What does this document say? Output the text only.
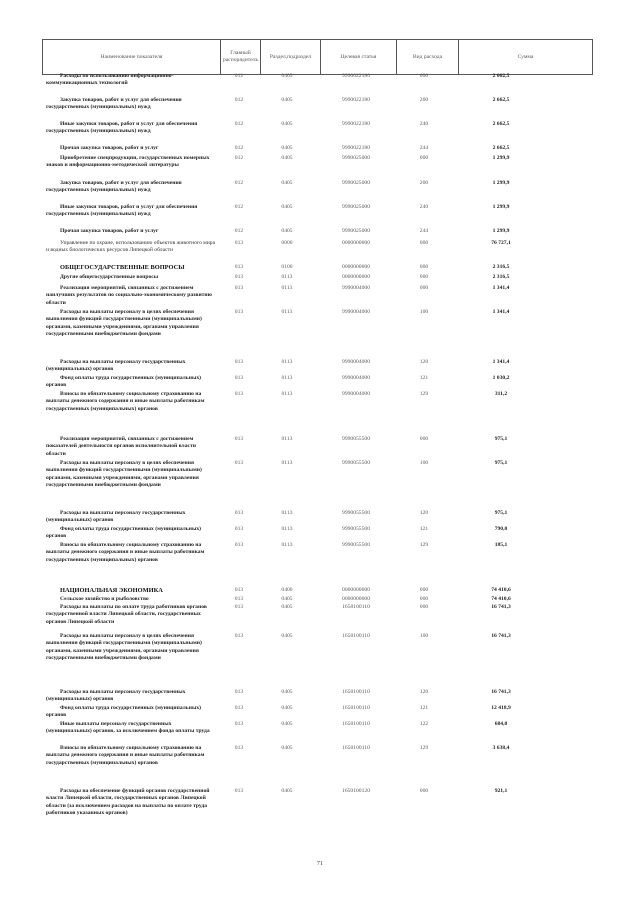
Наименование показателя	Главный распорядитель	Раздел,подраздел	Целевая статья	Вид расхода	Сумма
Расходы по использованию информационно-коммуникационных технологий
012	0405	9990022180	000	2 662,5
Закупка товаров, работ и услуг для обеспечения государственных (муниципальных) нужд
012	0405	9990022180	200	2 662,5
Иные закупки товаров, работ и услуг для обеспечения государственных (муниципальных) нужд
012	0405	9990022180	240	2 662,5
Прочая закупка товаров, работ и услуг	012	0405	9990022180	244	2 662,5
Приобретение спецпродукции, государственных номерных знаков и информационно-методической литературы
012	0405	9990025000	000	1 299,9
Закупка товаров, работ и услуг для обеспечения государственных (муниципальных) нужд
012	0405	9990025000	200	1 299,9
Иные закупки товаров, работ и услуг для обеспечения государственных (муниципальных) нужд
012	0405	9990025000	240	1 299,9
Прочая закупка товаров, работ и услуг	012	0405	9990025000	244	1 299,9
Управление по охране, использованию объектов животного мира и водных биологических ресурсов Липецкой области
013	0000	0000000000	000	76 727,1
ОБЩЕГОСУДАРСТВЕННЫЕ ВОПРОСЫ	013	0100	0000000000	000	2 316,5
Другие общегосударственные вопросы	013	0113	0000000000	000	2 316,5
Реализация мероприятий, связанных с достижением наилучших результатов по социально-экономическому развитию области
013	0113	9990004000	000	1 341,4
Расходы на выплаты персоналу в целях обеспечения выполнения функций государственными (муниципальными) органами, казенными учреждениями, органами управления государственными внебюджетными фондами
013	0113	9990004000	100	1 341,4
Расходы на выплаты персоналу государственных (муниципальных) органов
013	0113	9990004000	120	1 341,4
Фонд оплаты труда государственных (муниципальных) органов
013	0113	9990004000	121	1 030,2
Взносы по обязательному социальному страхованию на выплаты денежного содержания и иные выплаты работникам государственных (муниципальных) органов
013	0113	9990004000	129	311,2
Реализация мероприятий, связанных с достижением показателей деятельности органов исполнительной власти области
013	0113	9990055500	000	975,1
Расходы на выплаты персоналу в целях обеспечения выполнения функций государственными (муниципальными) органами, казенными учреждениями, органами управления государственными внебюджетными фондами
013	0113	9990055500	100	975,1
Расходы на выплаты персоналу государственных (муниципальных) органов
013	0113	9990055500	120	975,1
Фонд оплаты труда государственных (муниципальных) органов
013	0113	9990055500	121	790,0
Взносы по обязательному социальному страхованию на выплаты денежного содержания и иные выплаты работникам государственных (муниципальных) органов
013	0113	9990055500	129	185,1
НАЦИОНАЛЬНАЯ ЭКОНОМИКА	013	0400	0000000000	000	74 410,6
Сельское хозяйство и рыболовство	013	0405	0000000000	000	74 410,6
Расходы на выплаты по оплате труда работников органов государственной власти Липецкой области, государственных органов Липецкой области
013	0405	1650100110	000	16 741,3
Расходы на выплаты персоналу в целях обеспечения выполнения функций государственными (муниципальными) органами, казенными учреждениями, органами управления государственными внебюджетными фондами
013	0405	1650100110	100	16 741,3
Расходы на выплаты персоналу государственных (муниципальных) органов
013	0405	1650100110	120	16 741,3
Фонд оплаты труда государственных (муниципальных) органов
013	0405	1650100110	121	12 418,9
Иные выплаты персоналу государственных (муниципальных) органов, за исключением фонда оплаты труда
013	0405	1650100110	122	684,0
Взносы по обязательному социальному страхованию на выплаты денежного содержания и иные выплаты работникам государственных (муниципальных) органов
013	0405	1650100110	129	3 638,4
Расходы на обеспечение функций органов государственной власти Липецкой области, государственных органов Липецкой области (за исключением расходов на выплаты по оплате труда работников указанных органов)
013	0405	1650100120	000	921,1
71
